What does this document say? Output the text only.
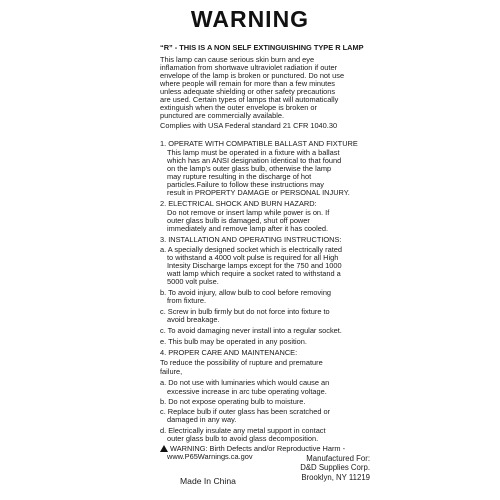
WARNING
“R” - THIS IS A NON SELF EXTINGUISHING TYPE R LAMP
This lamp can cause serious skin burn and eye
inflamation from shortwave ultraviolet radiation if outer
envelope of the lamp is broken or punctured. Do not use
where people will remain for more than a few minutes
unless adequate shielding or other safety precautions
are used. Certain types of lamps that will automatically
extinguish when the outer envelope is broken or
punctured are commercially available.
Complies with USA Federal standard 21 CFR 1040.30
1. OPERATE WITH COMPATIBLE BALLAST AND FIXTURE
This lamp must be operated in a fixture with a ballast
which has an ANSI designation identical to that found
on the lamp's outer glass bulb, otherwise the lamp
may rupture resulting in the discharge of hot
particles.Failure to follow these instructions may
result in PROPERTY DAMAGE or PERSONAL INJURY.
2. ELECTRICAL SHOCK AND BURN HAZARD:
Do not remove or insert lamp while power is on. If
outer glass bulb is damaged, shut off power
immediately and remove lamp after it has cooled.
3. INSTALLATION AND OPERATING INSTRUCTIONS:
a. A specially designed socket which is electrically rated
to withstand a 4000 volt pulse is required for all High
Intesity Discharge lamps except for the 750 and 1000
watt lamp which require a socket rated to withstand a
5000 volt pulse.
b. To avoid injury, allow bulb to cool before removing
from fixture.
c. Screw in bulb firmly but do not force into fixture to
avoid breakage.
c. To avoid damaging never install into a regular socket.
e. This bulb may be operated in any position.
4. PROPER CARE AND MAINTENANCE:
To reduce the possibility of rupture and premature
failure,
a. Do not use with luminaries which would cause an
excessive increase in arc tube operating voltage.
b. Do not expose operating bulb to moisture.
c. Replace bulb if outer glass has been scratched or
damaged in any way.
d. Electrically insulate any metal support in contact
outer glass bulb to avoid glass decomposition.
WARNING: Birth Defects and/or Reproductive Harm -
www.P65Warnings.ca.gov	Manufactured For:
D&D Supplies Corp.
Brooklyn, NY 11219
Made In China
